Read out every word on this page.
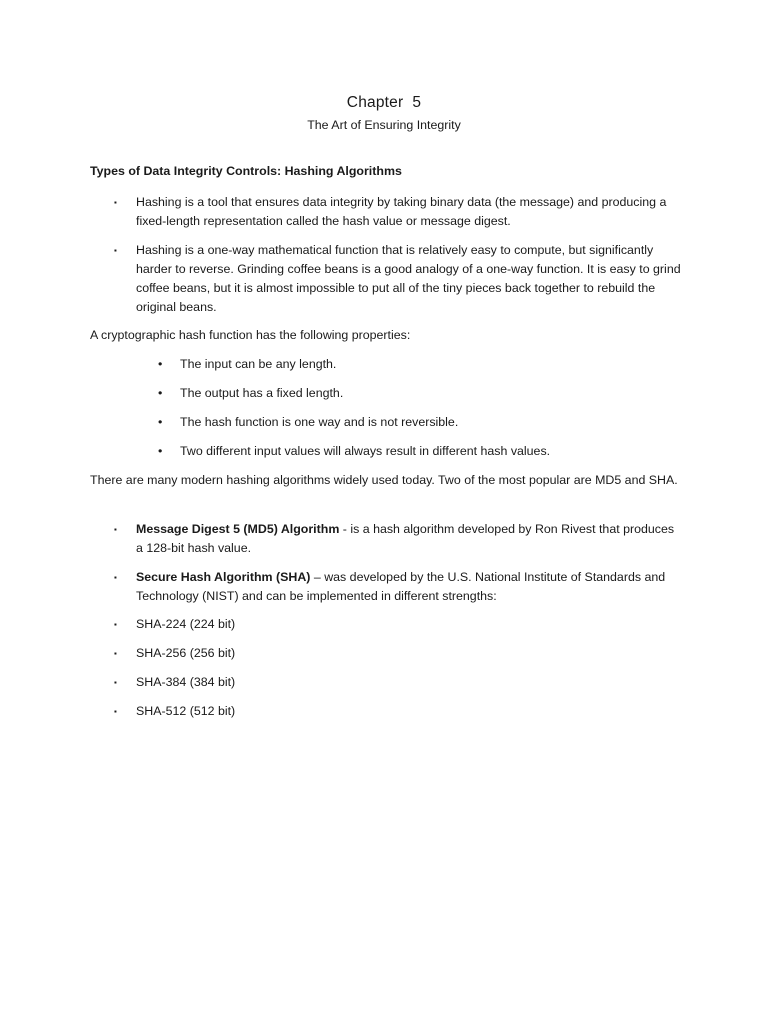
Chapter  5
The Art of Ensuring Integrity
Types of Data Integrity Controls: Hashing Algorithms
▪ Hashing is a tool that ensures data integrity by taking binary data (the message) and producing a fixed-length representation called the hash value or message digest.
▪ Hashing is a one-way mathematical function that is relatively easy to compute, but significantly harder to reverse. Grinding coffee beans is a good analogy of a one-way function. It is easy to grind coffee beans, but it is almost impossible to put all of the tiny pieces back together to rebuild the original beans.
A cryptographic hash function has the following properties:
• The input can be any length.
• The output has a fixed length.
• The hash function is one way and is not reversible.
• Two different input values will always result in different hash values.
There are many modern hashing algorithms widely used today. Two of the most popular are MD5 and SHA.
▪ Message Digest 5 (MD5) Algorithm - is a hash algorithm developed by Ron Rivest that produces a 128-bit hash value.
▪ Secure Hash Algorithm (SHA) – was developed by the U.S. National Institute of Standards and Technology (NIST) and can be implemented in different strengths:
▪ SHA-224 (224 bit)
▪ SHA-256 (256 bit)
▪ SHA-384 (384 bit)
▪ SHA-512 (512 bit)
